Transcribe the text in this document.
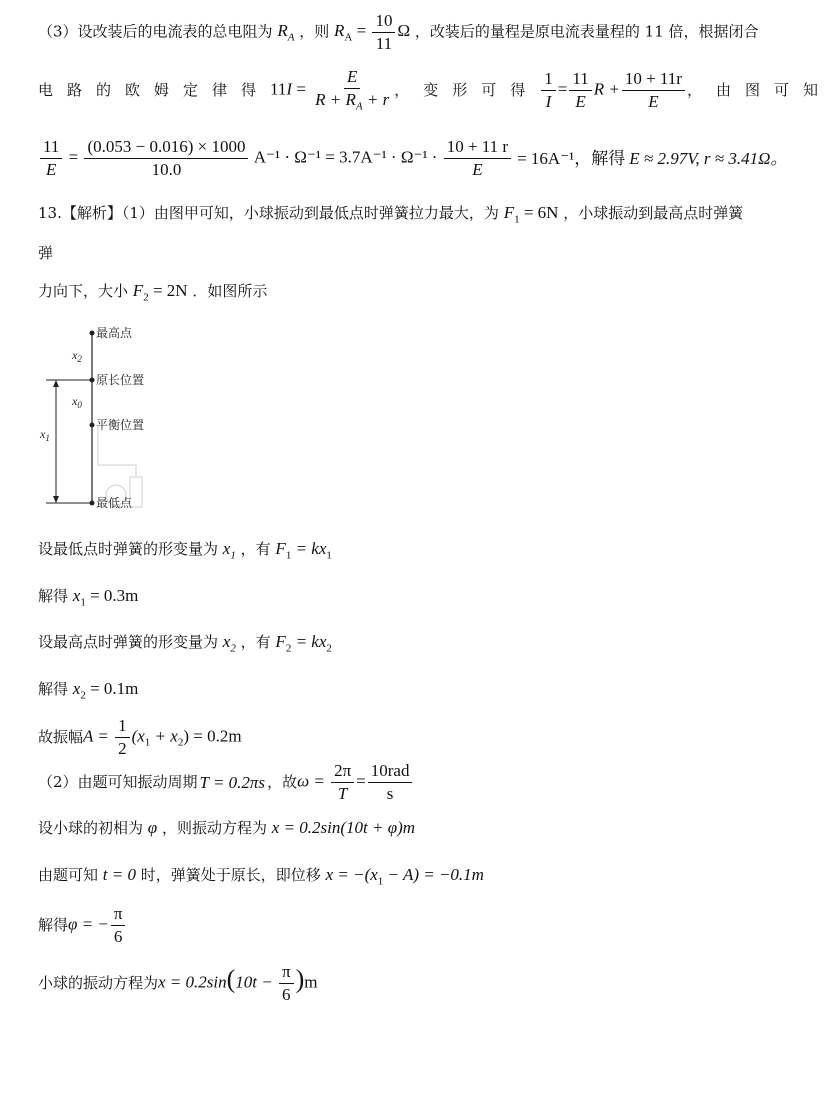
（3）设改装后的电流表的总电阻为 $R_A$ ，则 $R_A = \frac{10}{11}$ Ω ，改装后的量程是原电流表量程的 11 倍，根据闭合
电路的欧姆定律得 $11I = \frac{E}{R + R_A + r}$ ，变形可得 $\frac{1}{I} = \frac{11}{E}$ $R + \frac{10 + 11r}{E}$ ，由图可知
$\frac{11}{E} = \frac{(0.053 - 0.016) \times 1000}{10.0} A^{-1} \cdot \Omega^{-1} = 3.7A^{-1} \cdot \Omega^{-1} \cdot \frac{10 + 11 r}{E} = 16A^{-1}$，解得 E ≈ 2.97V, r ≈ 3.41Ω。
13.【解析】（1）由图甲可知，小球振动到最低点时弹簧拉力最大，为 $F_1 = 6N$ ，小球振动到最高点时弹簧
弹
力向下，大小 $F_2 = 2N$ ．如图所示
最高点
原长位置
平衡位置
最低点
$x_2$
$x_0$
$x_1$
设最低点时弹簧的形变量为 $x_1$ ，有 $F_1 = kx_1$
解得 $x_1 = 0.3m$
设最高点时弹簧的形变量为 $x_2$ ，有 $F_2 = kx_2$
解得 $x_2 = 0.1m$
故振幅 $A = \frac{1}{2} (x_1 + x_2) = 0.2m$
（2）由题可知振动周期 T = 0.2πs ，故 $\omega = \frac{2\pi}{T} = \frac{\text{10rad}}{s}$
设小球的初相为 φ ，则振动方程为 x = 0.2sin(10t + φ)m
由题可知 t = 0 时，弹簧处于原长，即位移 $x = -(x_1 - A) = -0.1m$
解得 φ = − $\frac{\pi}{6}$
小球的振动方程为 $x = 0.2\sin(10t - \frac{\pi}{6} )m$
